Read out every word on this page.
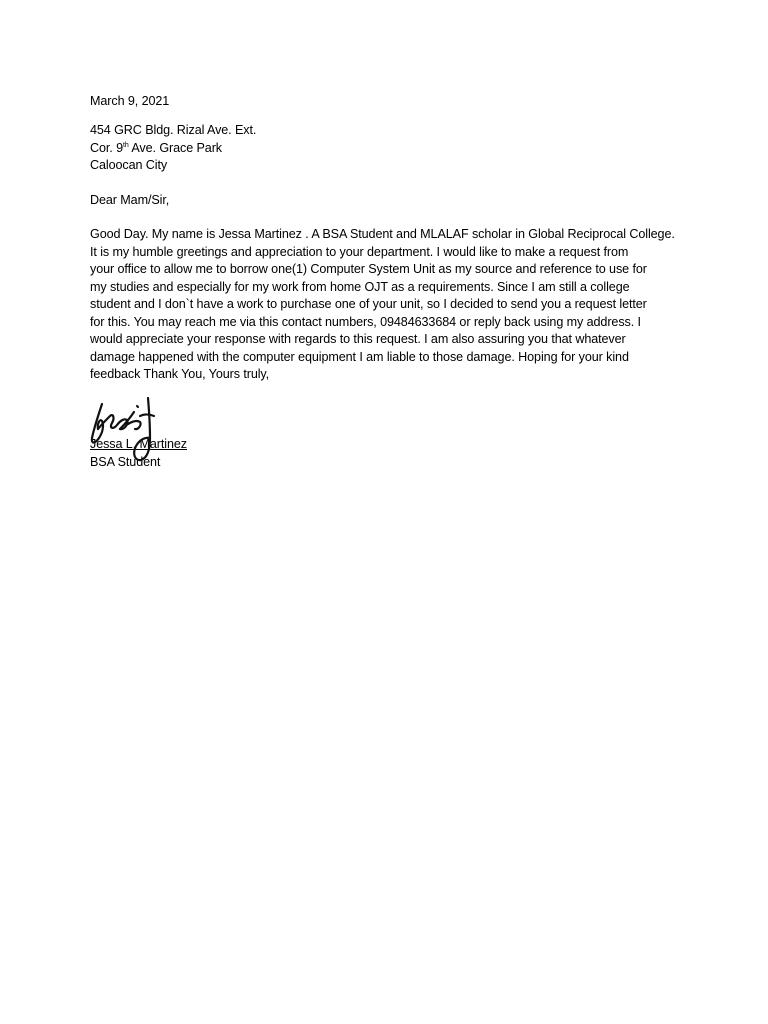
March 9, 2021
454 GRC Bldg. Rizal Ave. Ext.
Cor. 9th Ave. Grace Park
Caloocan City
Dear Mam/Sir,
Good Day. My name is Jessa Martinez . A BSA Student and MLALAF scholar in Global Reciprocal College.
It is my humble greetings and appreciation to your department. I would like to make a request from
your office to allow me to borrow one(1) Computer System Unit as my source and reference to use for
my studies and especially for my work from home OJT as a requirements. Since I am still a college
student and I don`t have a work to purchase one of your unit, so I decided to send you a request letter
for this. You may reach me via this contact numbers, 09484633684 or reply back using my address. I
would appreciate your response with regards to this request. I am also assuring you that whatever
damage happened with the computer equipment I am liable to those damage. Hoping for your kind
feedback Thank You, Yours truly,
Jessa L. Martinez
BSA Student
